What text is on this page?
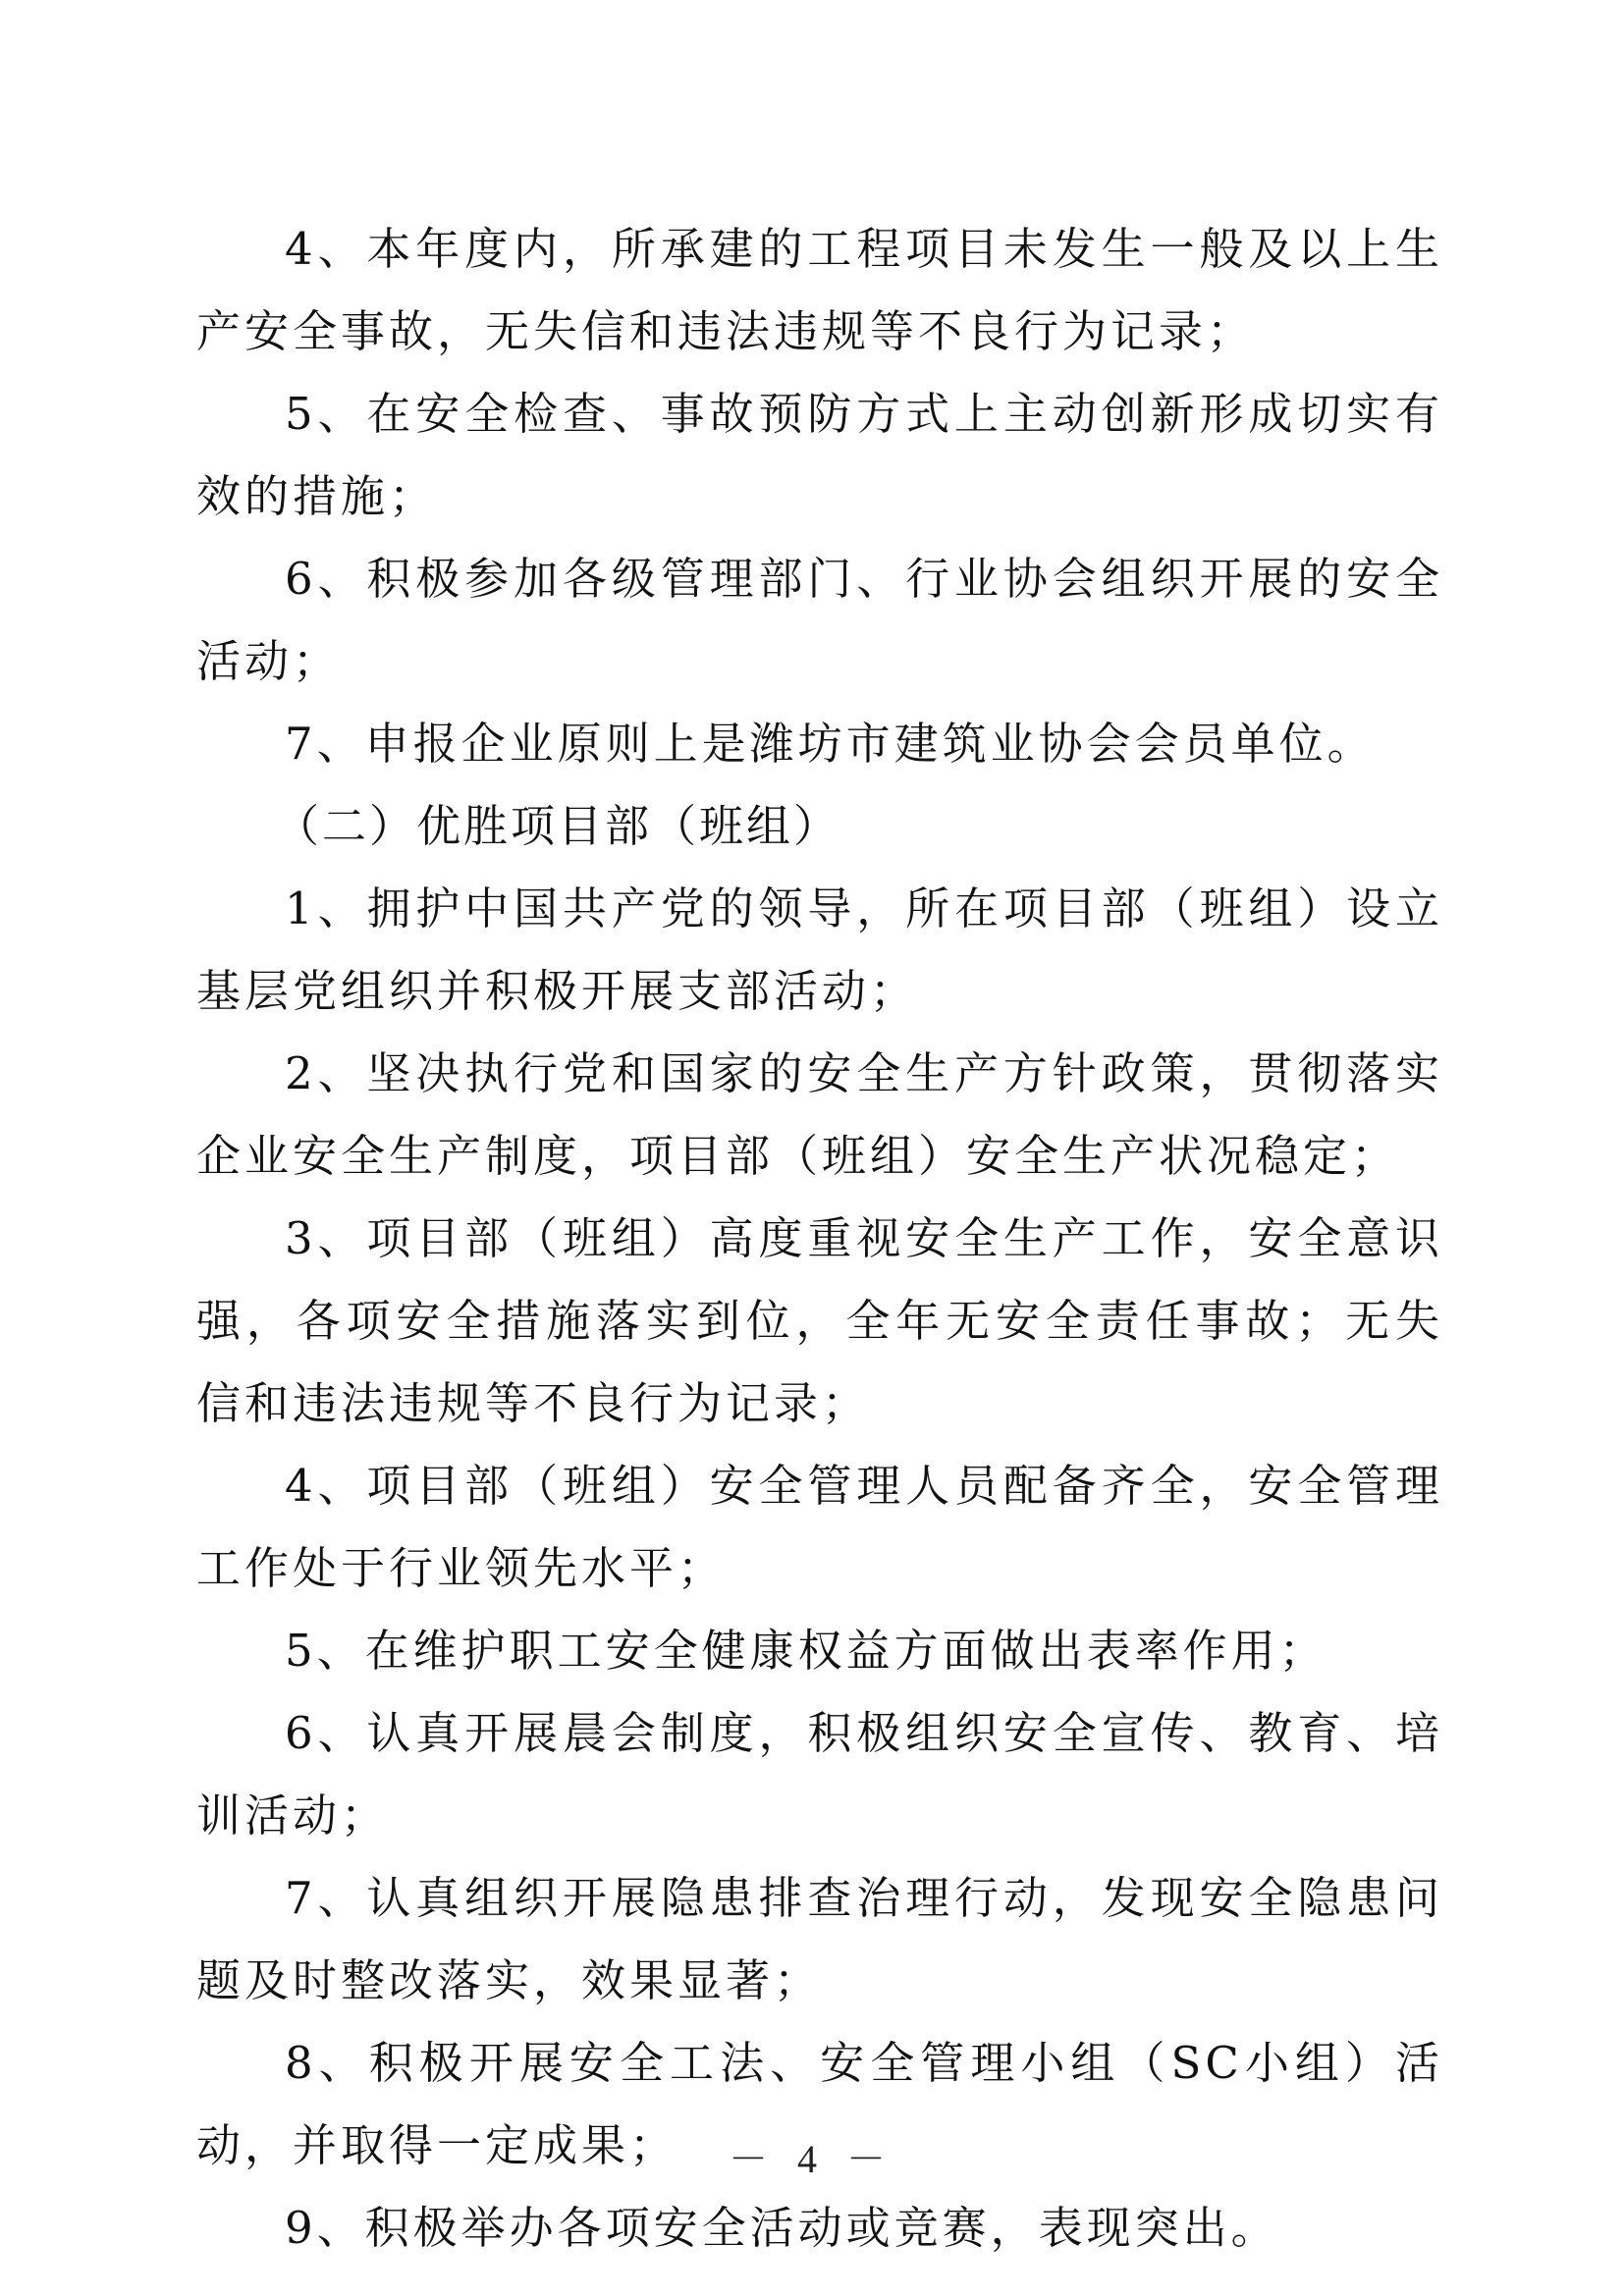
4、本年度内，所承建的工程项目未发生一般及以上生产安全事故，无失信和违法违规等不良行为记录；

5、在安全检查、事故预防方式上主动创新形成切实有效的措施；

6、积极参加各级管理部门、行业协会组织开展的安全活动；

7、申报企业原则上是潍坊市建筑业协会会员单位。

（二）优胜项目部（班组）

1、拥护中国共产党的领导，所在项目部（班组）设立基层党组织并积极开展支部活动；

2、坚决执行党和国家的安全生产方针政策，贯彻落实企业安全生产制度，项目部（班组）安全生产状况稳定；

3、项目部（班组）高度重视安全生产工作，安全意识强，各项安全措施落实到位，全年无安全责任事故；无失信和违法违规等不良行为记录；

4、项目部（班组）安全管理人员配备齐全，安全管理工作处于行业领先水平；

5、在维护职工安全健康权益方面做出表率作用；

6、认真开展晨会制度，积极组织安全宣传、教育、培训活动；

7、认真组织开展隐患排查治理行动，发现安全隐患问题及时整改落实，效果显著；

8、积极开展安全工法、安全管理小组（SC小组）活动，并取得一定成果；

9、积极举办各项安全活动或竞赛，表现突出。

－ 4 －
